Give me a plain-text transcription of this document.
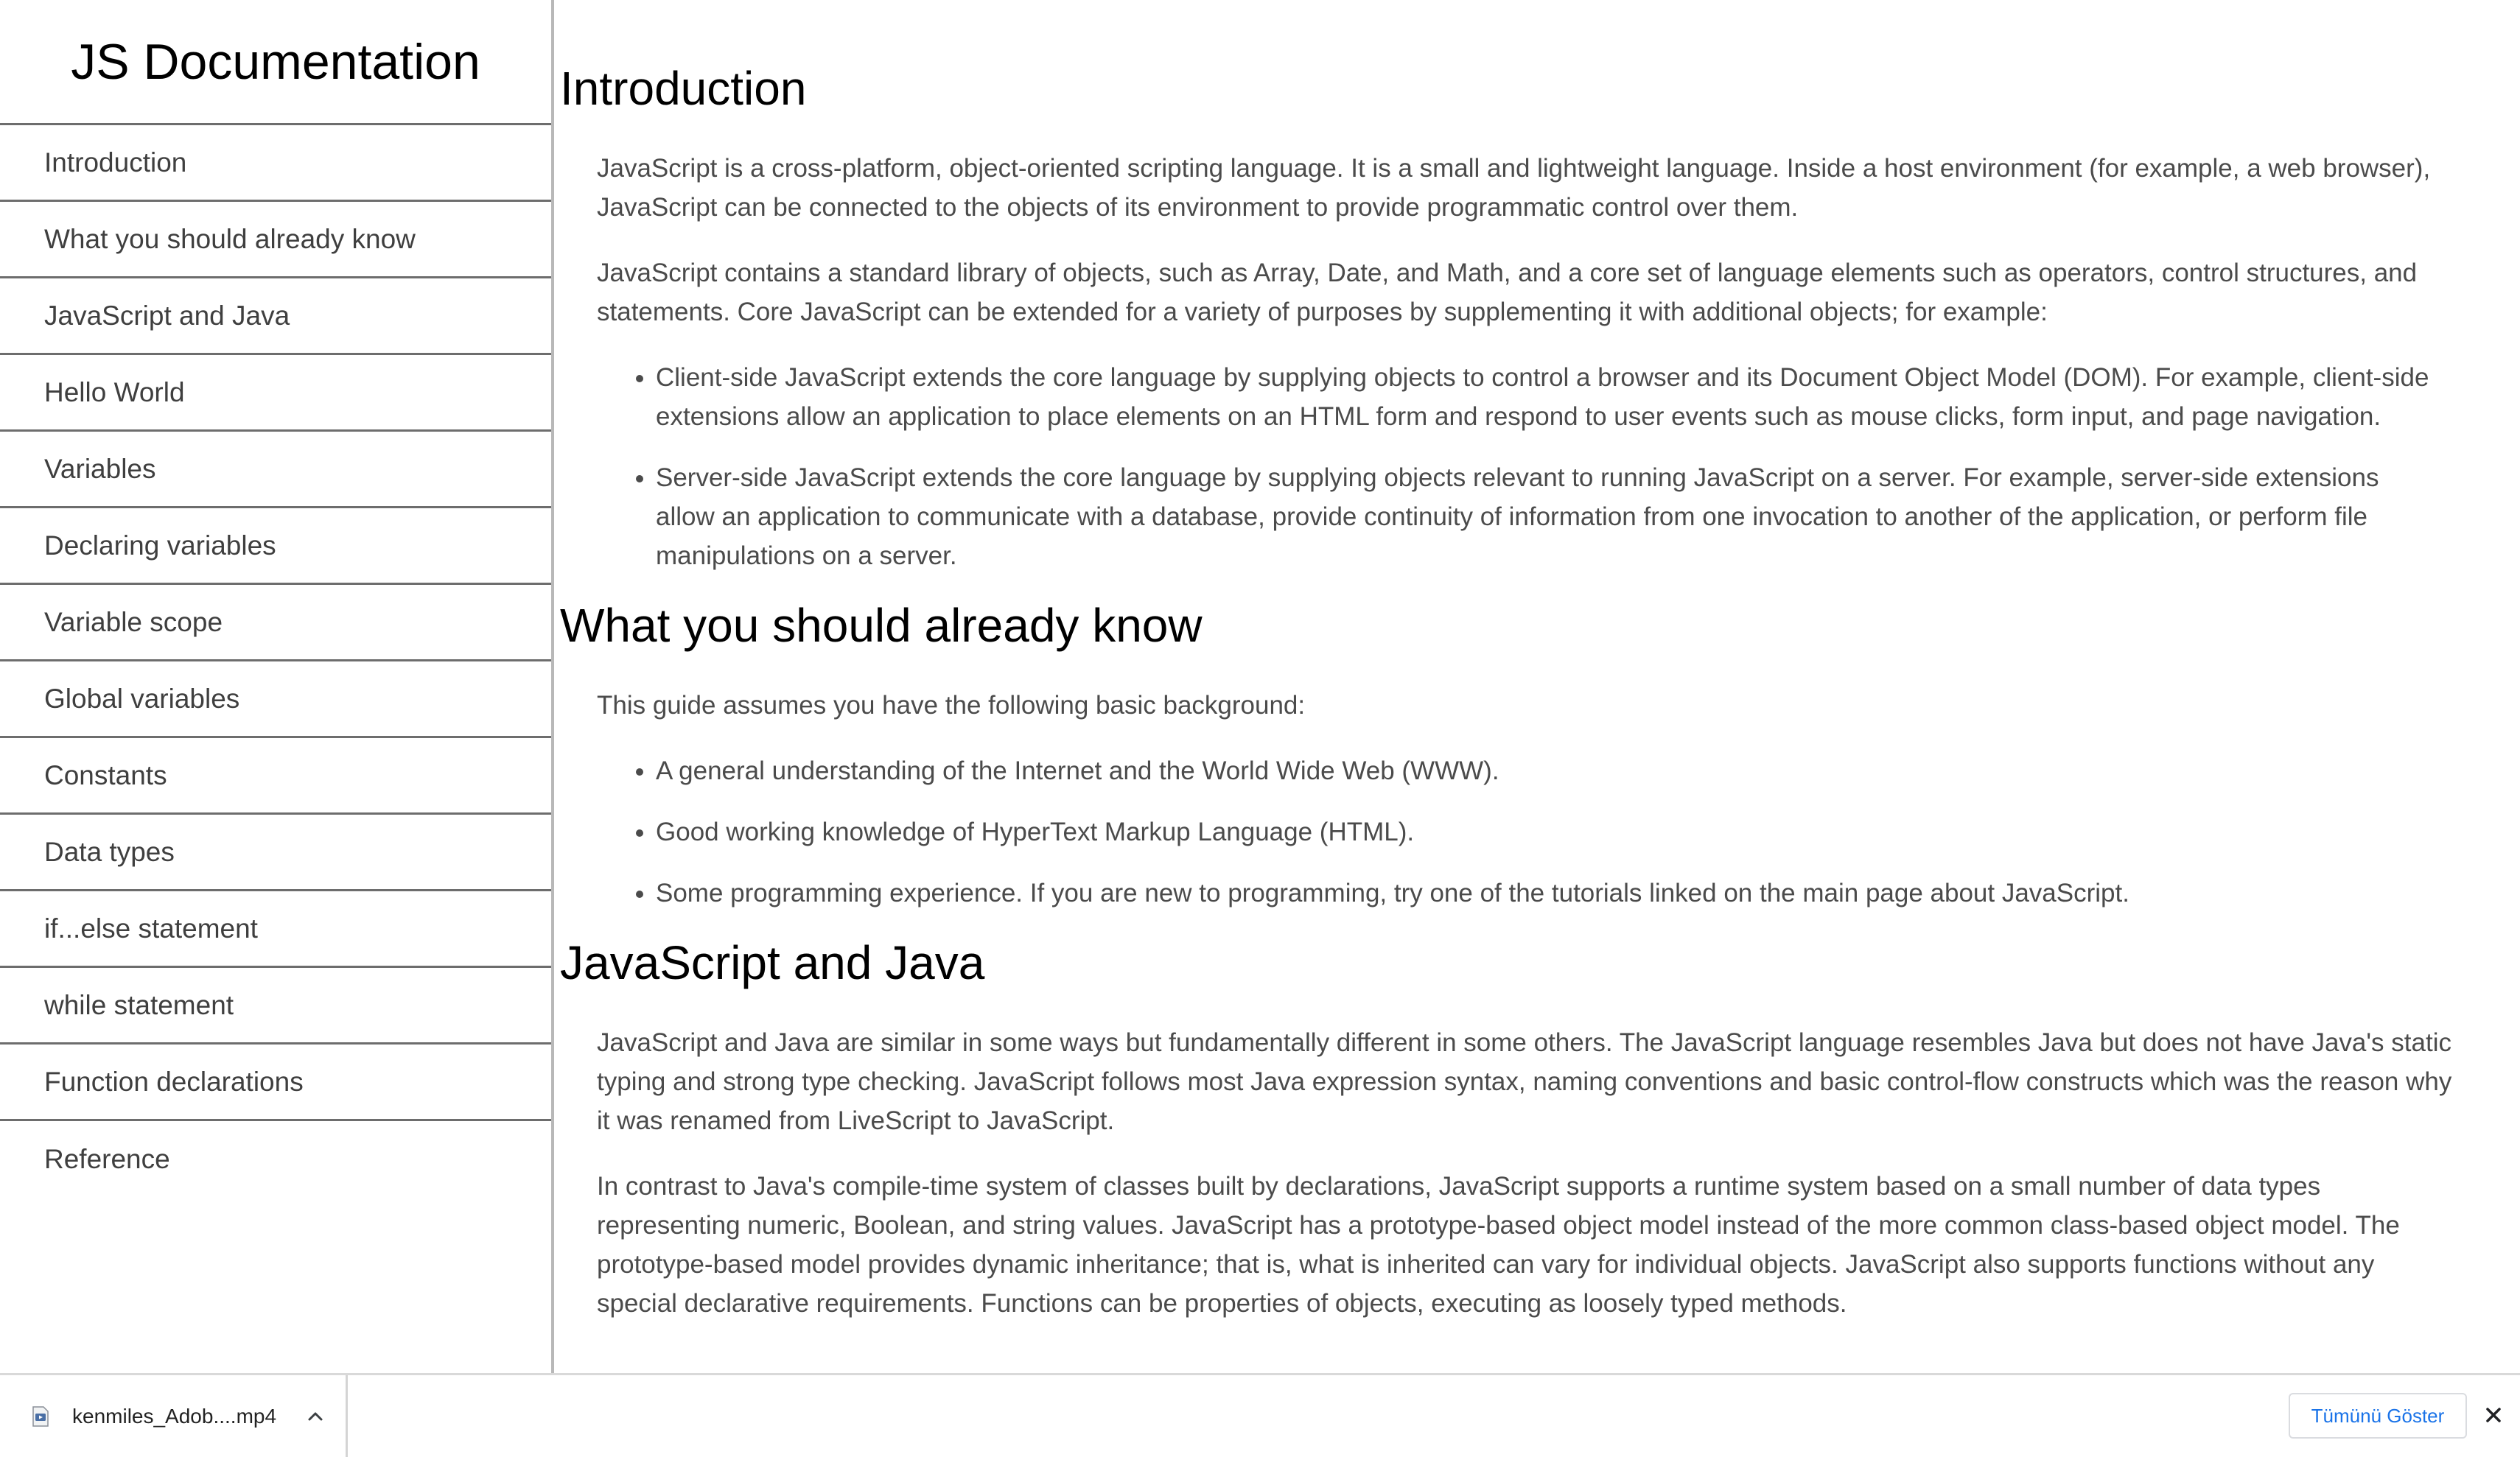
JS Documentation
Introduction
What you should already know
JavaScript and Java
Hello World
Variables
Declaring variables
Variable scope
Global variables
Constants
Data types
if...else statement
while statement
Function declarations
Reference
Introduction

JavaScript is a cross-platform, object-oriented scripting language. It is a small and lightweight language. Inside a host environment (for example, a web browser), JavaScript can be connected to the objects of its environment to provide programmatic control over them.

JavaScript contains a standard library of objects, such as Array, Date, and Math, and a core set of language elements such as operators, control structures, and statements. Core JavaScript can be extended for a variety of purposes by supplementing it with additional objects; for example:

• Client-side JavaScript extends the core language by supplying objects to control a browser and its Document Object Model (DOM). For example, client-side extensions allow an application to place elements on an HTML form and respond to user events such as mouse clicks, form input, and page navigation.
• Server-side JavaScript extends the core language by supplying objects relevant to running JavaScript on a server. For example, server-side extensions allow an application to communicate with a database, provide continuity of information from one invocation to another of the application, or perform file manipulations on a server.
What you should already know

This guide assumes you have the following basic background:

• A general understanding of the Internet and the World Wide Web (WWW).
• Good working knowledge of HyperText Markup Language (HTML).
• Some programming experience. If you are new to programming, try one of the tutorials linked on the main page about JavaScript.
JavaScript and Java

JavaScript and Java are similar in some ways but fundamentally different in some others. The JavaScript language resembles Java but does not have Java's static typing and strong type checking. JavaScript follows most Java expression syntax, naming conventions and basic control-flow constructs which was the reason why it was renamed from LiveScript to JavaScript.

In contrast to Java's compile-time system of classes built by declarations, JavaScript supports a runtime system based on a small number of data types representing numeric, Boolean, and string values. JavaScript has a prototype-based object model instead of the more common class-based object model. The prototype-based model provides dynamic inheritance; that is, what is inherited can vary for individual objects. JavaScript also supports functions without any special declarative requirements. Functions can be properties of objects, executing as loosely typed methods.

kenmiles_Adob....mp4	Tümünü Göster
